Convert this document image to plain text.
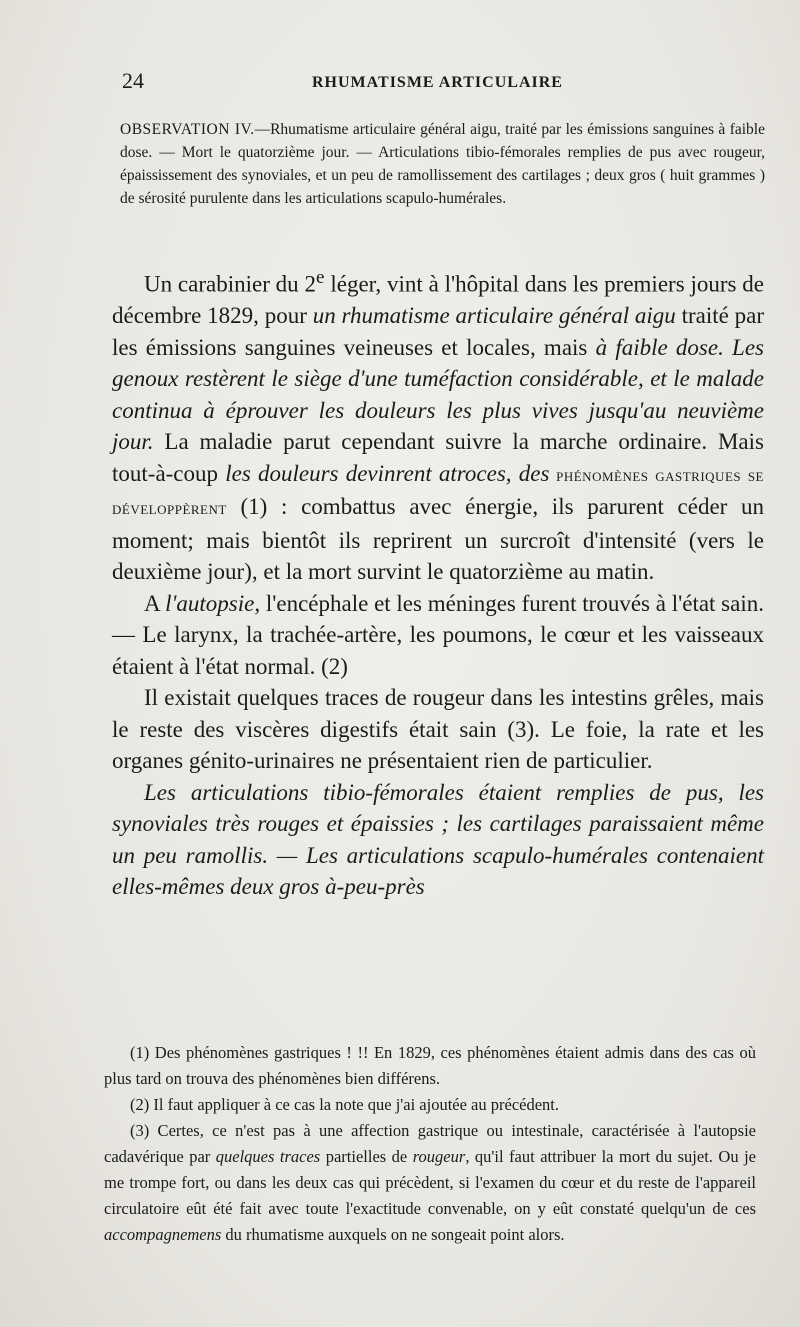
24	RHUMATISME ARTICULAIRE
OBSERVATION IV.—Rhumatisme articulaire général aigu, traité par les émissions sanguines à faible dose. — Mort le quatorzième jour. — Articulations tibio-fémorales remplies de pus avec rougeur, épaississement des synoviales, et un peu de ramollissement des cartilages ; deux gros ( huit grammes ) de sérosité purulente dans les articulations scapulo-humérales.

Un carabinier du 2e léger, vint à l'hôpital dans les premiers jours de décembre 1829, pour un rhumatisme articulaire général aigu traité par les émissions sanguines veineuses et locales, mais à faible dose. Les genoux restèrent le siège d'une tuméfaction considérable, et le malade continua à éprouver les douleurs les plus vives jusqu'au neuvième jour. La maladie parut cependant suivre la marche ordinaire. Mais tout-à-coup les douleurs devinrent atroces, des phénomènes gastriques se développèrent (1) : combattus avec énergie, ils parurent céder un moment; mais bientôt ils reprirent un surcroît d'intensité (vers le deuxième jour), et la mort survint le quatorzième au matin.

A l'autopsie, l'encéphale et les méninges furent trouvés à l'état sain. — Le larynx, la trachée-artère, les poumons, le cœur et les vaisseaux étaient à l'état normal. (2)

Il existait quelques traces de rougeur dans les intestins grêles, mais le reste des viscères digestifs était sain (3). Le foie, la rate et les organes génito-urinaires ne présentaient rien de particulier.

Les articulations tibio-fémorales étaient remplies de pus, les synoviales très rouges et épaissies ; les cartilages paraissaient même un peu ramollis. — Les articulations scapulo-humérales contenaient elles-mêmes deux gros à-peu-près

(1) Des phénomènes gastriques ! !! En 1829, ces phénomènes étaient admis dans des cas où plus tard on trouva des phénomènes bien différens.

(2) Il faut appliquer à ce cas la note que j'ai ajoutée au précédent.

(3) Certes, ce n'est pas à une affection gastrique ou intestinale, caractérisée à l'autopsie cadavérique par quelques traces partielles de rougeur, qu'il faut attribuer la mort du sujet. Ou je me trompe fort, ou dans les deux cas qui précèdent, si l'examen du cœur et du reste de l'appareil circulatoire eût été fait avec toute l'exactitude convenable, on y eût constaté quelqu'un de ces accompagnemens du rhumatisme auxquels on ne songeait point alors.
